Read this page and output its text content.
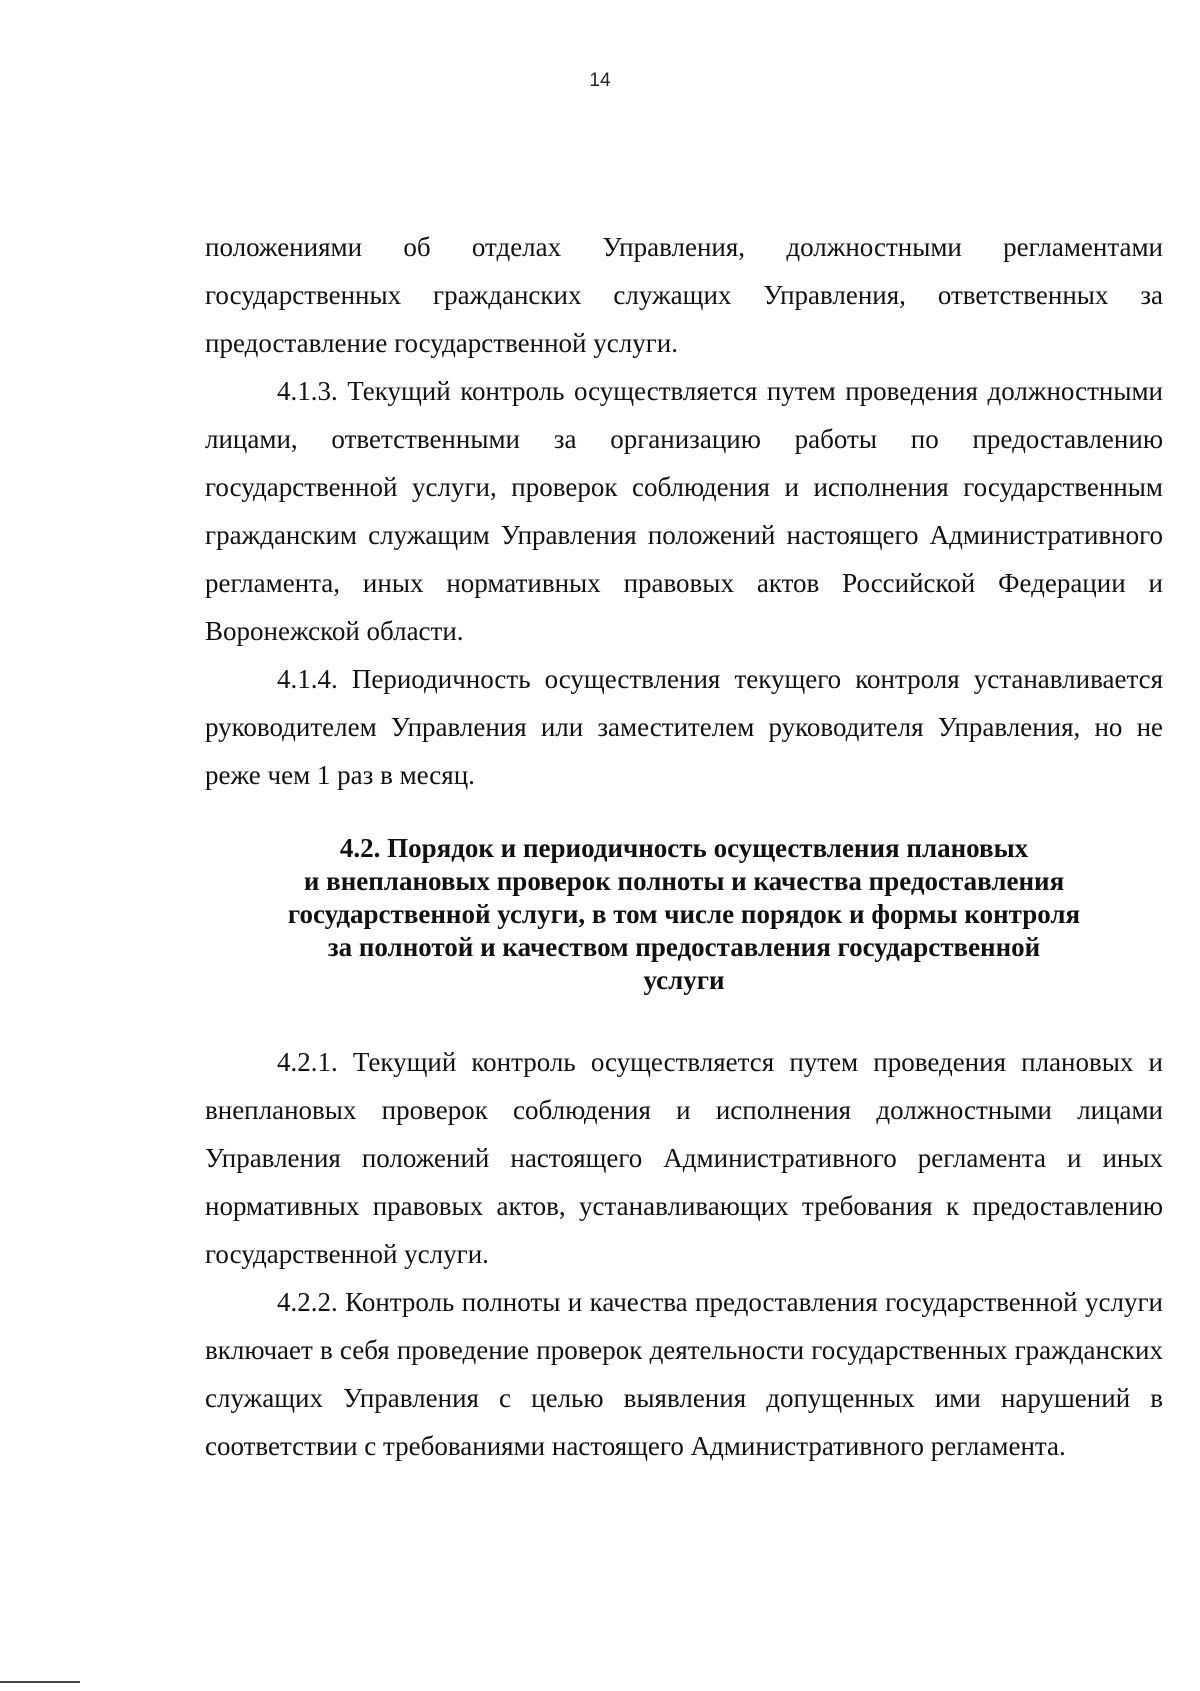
14

положениями об отделах Управления, должностными регламентами государственных гражданских служащих Управления, ответственных за предоставление государственной услуги.

4.1.3. Текущий контроль осуществляется путем проведения должностными лицами, ответственными за организацию работы по предоставлению государственной услуги, проверок соблюдения и исполнения государственным гражданским служащим Управления положений настоящего Административного регламента, иных нормативных правовых актов Российской Федерации и Воронежской области.

4.1.4. Периодичность осуществления текущего контроля устанавливается руководителем Управления или заместителем руководителя Управления, но не реже чем 1 раз в месяц.

4.2. Порядок и периодичность осуществления плановых
и внеплановых проверок полноты и качества предоставления
государственной услуги, в том числе порядок и формы контроля
за полнотой и качеством предоставления государственной
услуги

4.2.1. Текущий контроль осуществляется путем проведения плановых и внеплановых проверок соблюдения и исполнения должностными лицами Управления положений настоящего Административного регламента и иных нормативных правовых актов, устанавливающих требования к предоставлению государственной услуги.

4.2.2. Контроль полноты и качества предоставления государственной услуги включает в себя проведение проверок деятельности государственных гражданских служащих Управления с целью выявления допущенных ими нарушений в соответствии с требованиями настоящего Административного регламента.
